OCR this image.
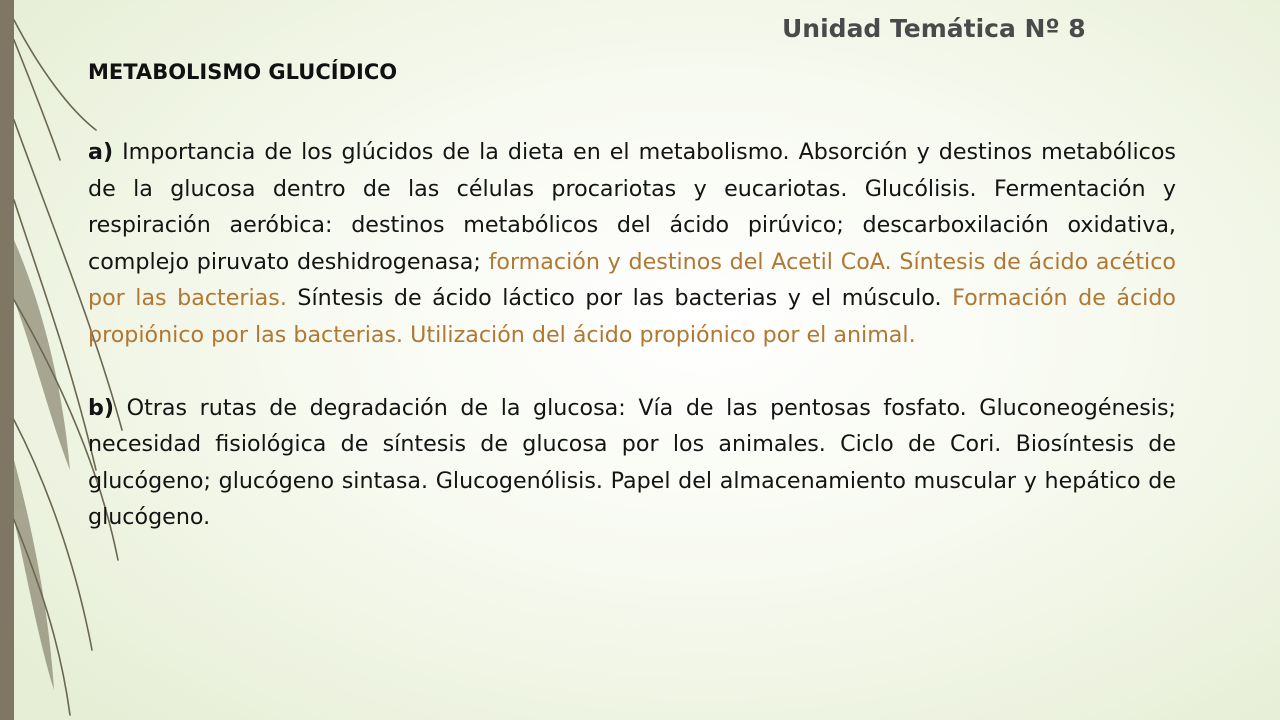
Unidad Temática Nº 8
METABOLISMO GLUCÍDICO

a) Importancia de los glúcidos de la dieta en el metabolismo. Absorción y destinos metabólicos de la glucosa dentro de las células procariotas y eucariotas. Glucólisis. Fermentación y respiración aeróbica: destinos metabólicos del ácido pirúvico; descarboxilación oxidativa, complejo piruvato deshidrogenasa; formación y destinos del Acetil CoA. Síntesis de ácido acético por las bacterias. Síntesis de ácido láctico por las bacterias y el músculo. Formación de ácido propiónico por las bacterias. Utilización del ácido propiónico por el animal.

b) Otras rutas de degradación de la glucosa: Vía de las pentosas fosfato. Gluconeogénesis; necesidad fisiológica de síntesis de glucosa por los animales. Ciclo de Cori. Biosíntesis de glucógeno; glucógeno sintasa. Glucogenólisis. Papel del almacenamiento muscular y hepático de glucógeno.
